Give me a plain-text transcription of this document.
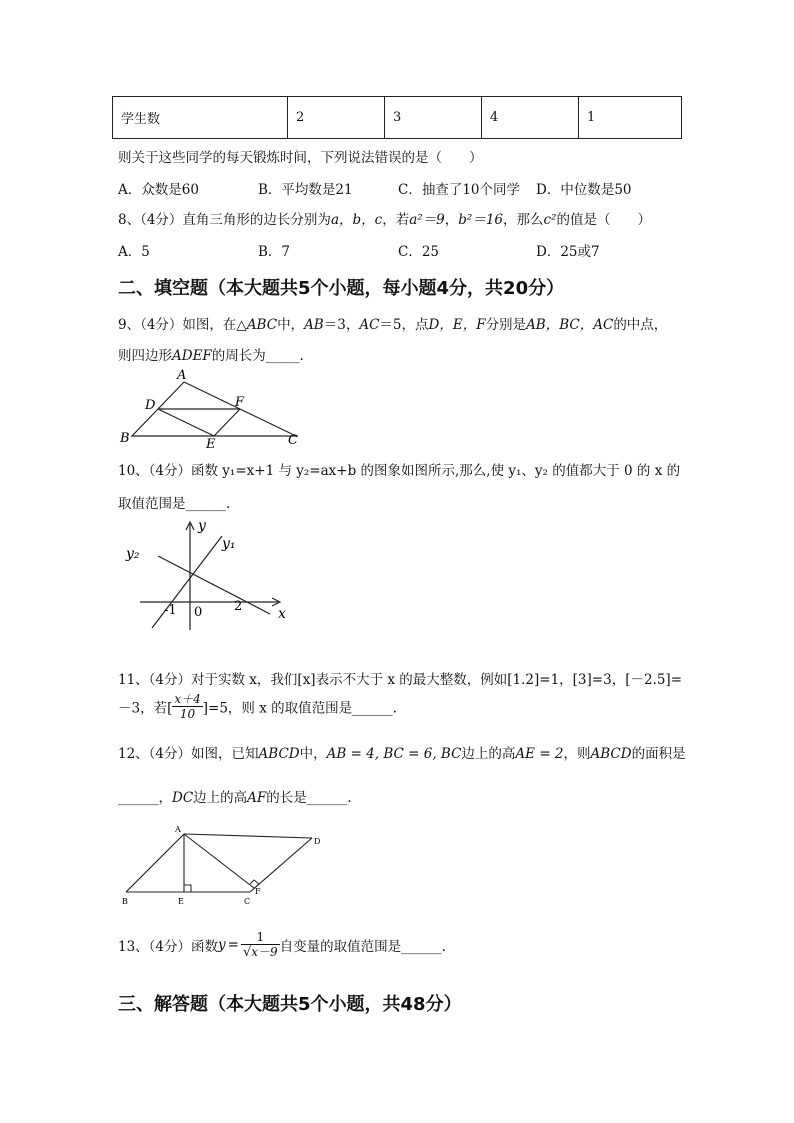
学生数	2	3	4	1
则关于这些同学的每天锻炼时间，下列说法错误的是（　　）
A．众数是60	B．平均数是21	C．抽查了10个同学 D．中位数是50
8、（4分）直角三角形的边长分别为a，b，c，若a²＝9，b²＝16，那么c²的值是（　　）
A．5	B．7	C．25	D．25或7
二、填空题（本大题共5个小题，每小题4分，共20分）
9、（4分）如图，在△ABC中，AB＝3，AC＝5，点D，E，F分别是AB，BC，AC的中点，
则四边形ADEF的周长为_____.
A
D	F
B	E	C
10、（4分）函数 y₁=x+1 与 y₂=ax+b 的图象如图所示,那么,使 y₁、y₂ 的值都大于 0 的 x 的
取值范围是______.
y
x
y₁
y₂
-1 0 2
11、（4分）对于实数 x，我们[x]表示不大于 x 的最大整数，例如[1.2]=1，[3]=3，[－2.5]=
－3，若[ $\frac{x+4}{10} ]=5$，则 x 的取值范围是______.
12、（4分）如图，已知ABCD中，AB = 4, BC = 6, BC边上的高AE = 2，则ABCD的面积是
______，DC边上的高AF的长是______.
A
D
B	E	C
F
13、（4分）函数$y = \frac{1}{√x-9}$ 自变量的取值范围是______.
三、解答题（本大题共5个小题，共48分）
